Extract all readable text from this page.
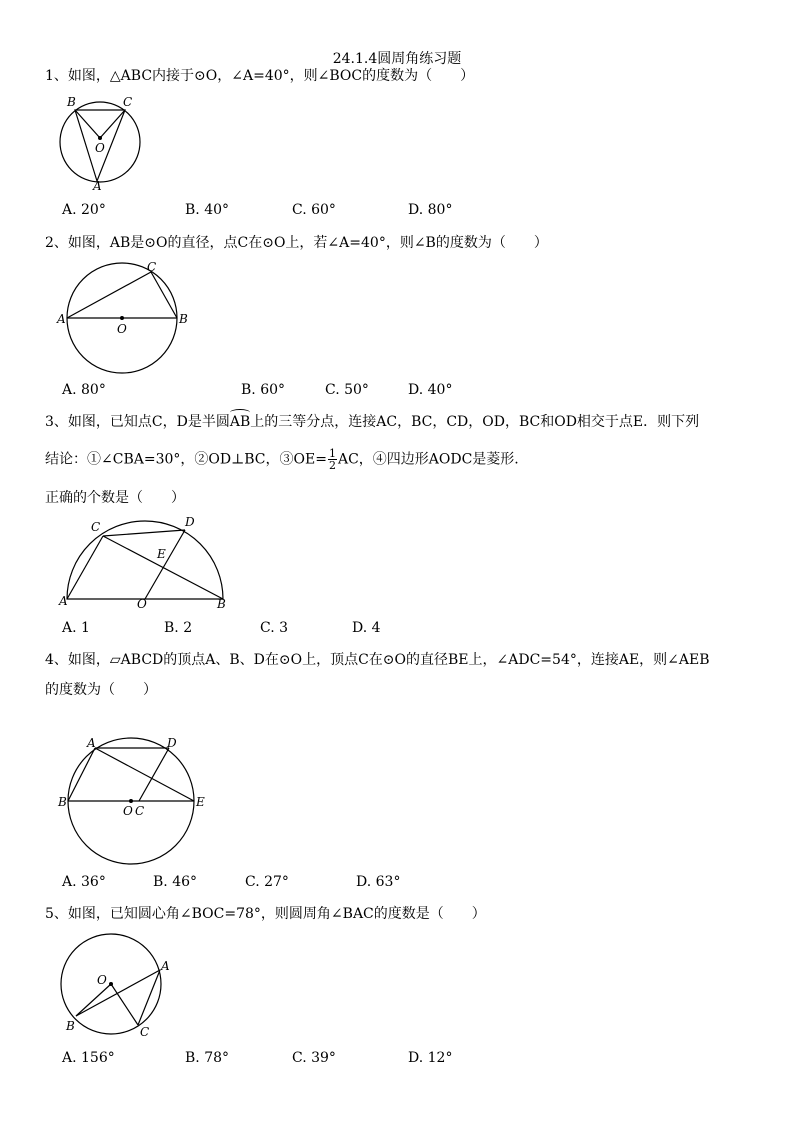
24.1.4圆周角练习题
1、如图，△ABC内接于⊙O，∠A=40°，则∠BOC的度数为（　　）
B	C
O
A
A. 20°	B. 40°	C. 60°	D. 80°
2、如图，AB是⊙O的直径，点C在⊙O上，若∠A=40°，则∠B的度数为（　　）
A	B
C
O
A. 80°	B. 60°	C. 50°	D. 40°
3、如图，已知点C，D是半圆AB上的三等分点，连接AC，BC，CD，OD，BC和OD相交于点E．则下列
结论：①∠CBA=30°，②OD⊥BC，③OE= $\frac{1}{2}$ AC，④四边形AODC是菱形.
正确的个数是（　　）
C	D
E
A	O	B
A. 1	B. 2	C. 3	D. 4
4、如图，▱ABCD的顶点A、B、D在⊙O上，顶点C在⊙O的直径BE上，∠ADC=54°，连接AE，则∠AEB
的度数为（　　）
A	D
B	E
O C
A. 36°	B. 46°	C. 27°	D. 63°
5、如图，已知圆心角∠BOC=78°，则圆周角∠BAC的度数是（　　）
O
A
B	C
A. 156°	B. 78°	C. 39°	D. 12°
